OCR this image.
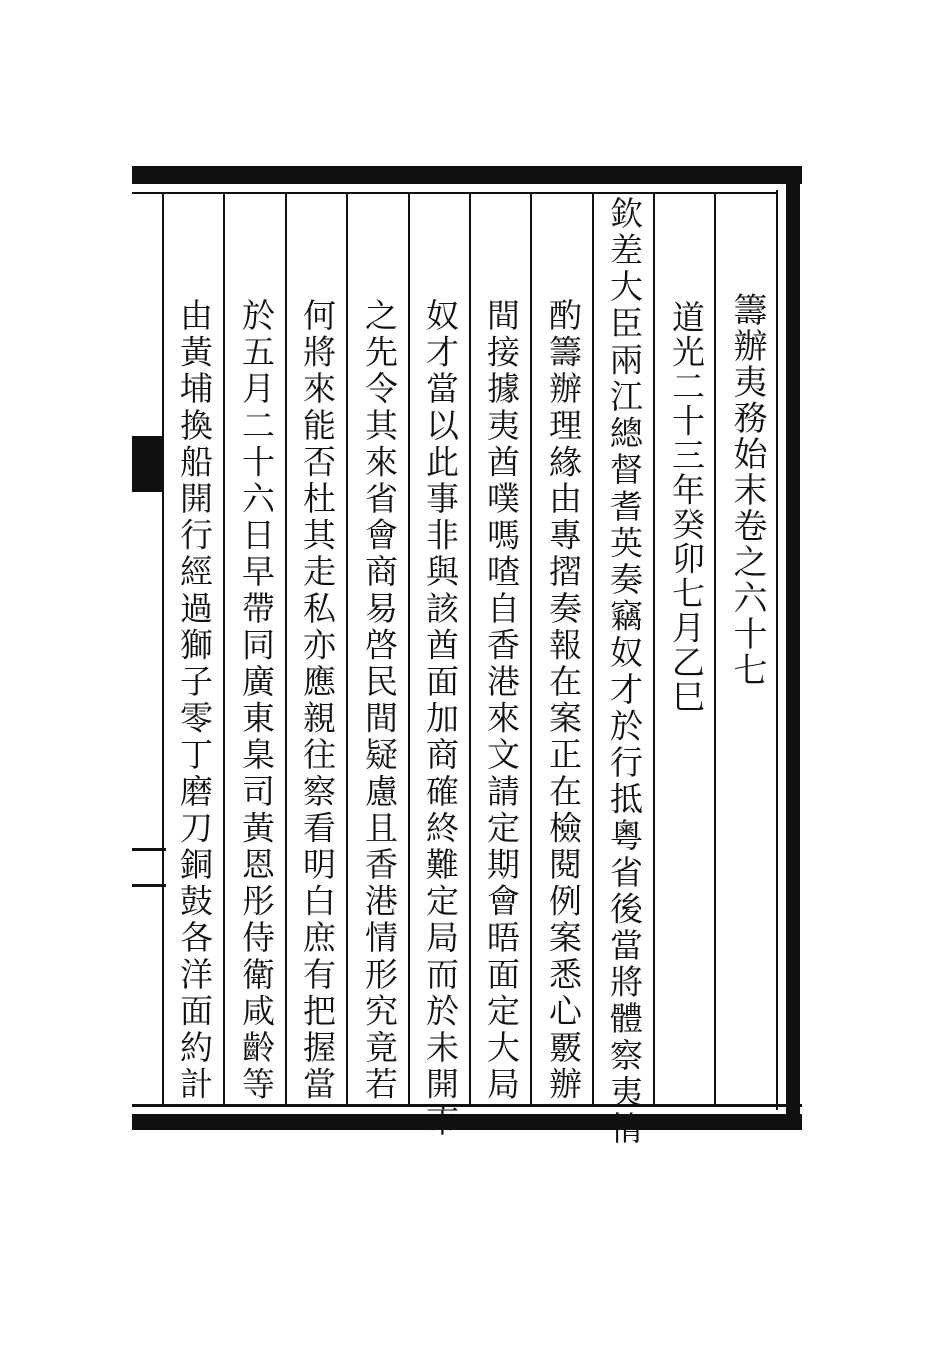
籌辦夷務始末卷之六十七
道光二十三年癸卯七月乙巳
欽差大臣兩江總督耆英奏竊奴才於行抵粵省後當將體察夷情
酌籌辦理緣由專摺奏報在案正在檢閱例案悉心覈辦
間接據夷酋噗嗎喳自香港來文請定期會晤面定大局
奴才當以此事非與該酋面加商確終難定局而於未開市
之先令其來省會商易啓民間疑慮且香港情形究竟若
何將來能否杜其走私亦應親往察看明白庶有把握當
於五月二十六日早帶同廣東臬司黃恩彤侍衛咸齡等
由黃埔換船開行經過獅子零丁磨刀銅鼓各洋面約計
